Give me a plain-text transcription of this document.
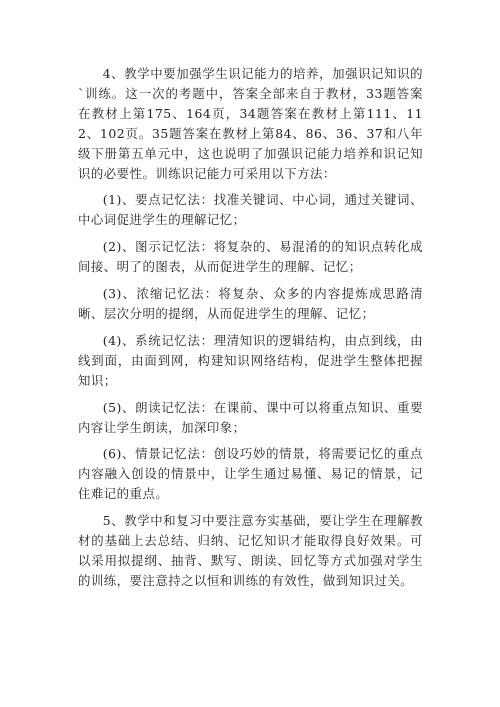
4、教学中要加强学生识记能力的培养，加强识记知识的`训练。这一次的考题中，答案全部来自于教材，33题答案在教材上第175、164页，34题答案在教材上第111、112、102页。35题答案在教材上第84、86、36、37和八年级下册第五单元中，这也说明了加强识记能力培养和识记知识的必要性。训练识记能力可采用以下方法：

(1)、要点记忆法：找准关键词、中心词，通过关键词、中心词促进学生的理解记忆；

(2)、图示记忆法：将复杂的、易混淆的的知识点转化成间接、明了的图表，从而促进学生的理解、记忆；

(3)、浓缩记忆法：将复杂、众多的内容提炼成思路清晰、层次分明的提纲，从而促进学生的理解、记忆；

(4)、系统记忆法：理清知识的逻辑结构，由点到线，由线到面，由面到网，构建知识网络结构，促进学生整体把握知识；

(5)、朗读记忆法：在课前、课中可以将重点知识、重要内容让学生朗读，加深印象；

(6)、情景记忆法：创设巧妙的情景，将需要记忆的重点内容融入创设的情景中，让学生通过易懂、易记的情景，记住难记的重点。

5、教学中和复习中要注意夯实基础，要让学生在理解教材的基础上去总结、归纳、记忆知识才能取得良好效果。可以采用拟提纲、抽背、默写、朗读、回忆等方式加强对学生的训练，要注意持之以恒和训练的有效性，做到知识过关。
